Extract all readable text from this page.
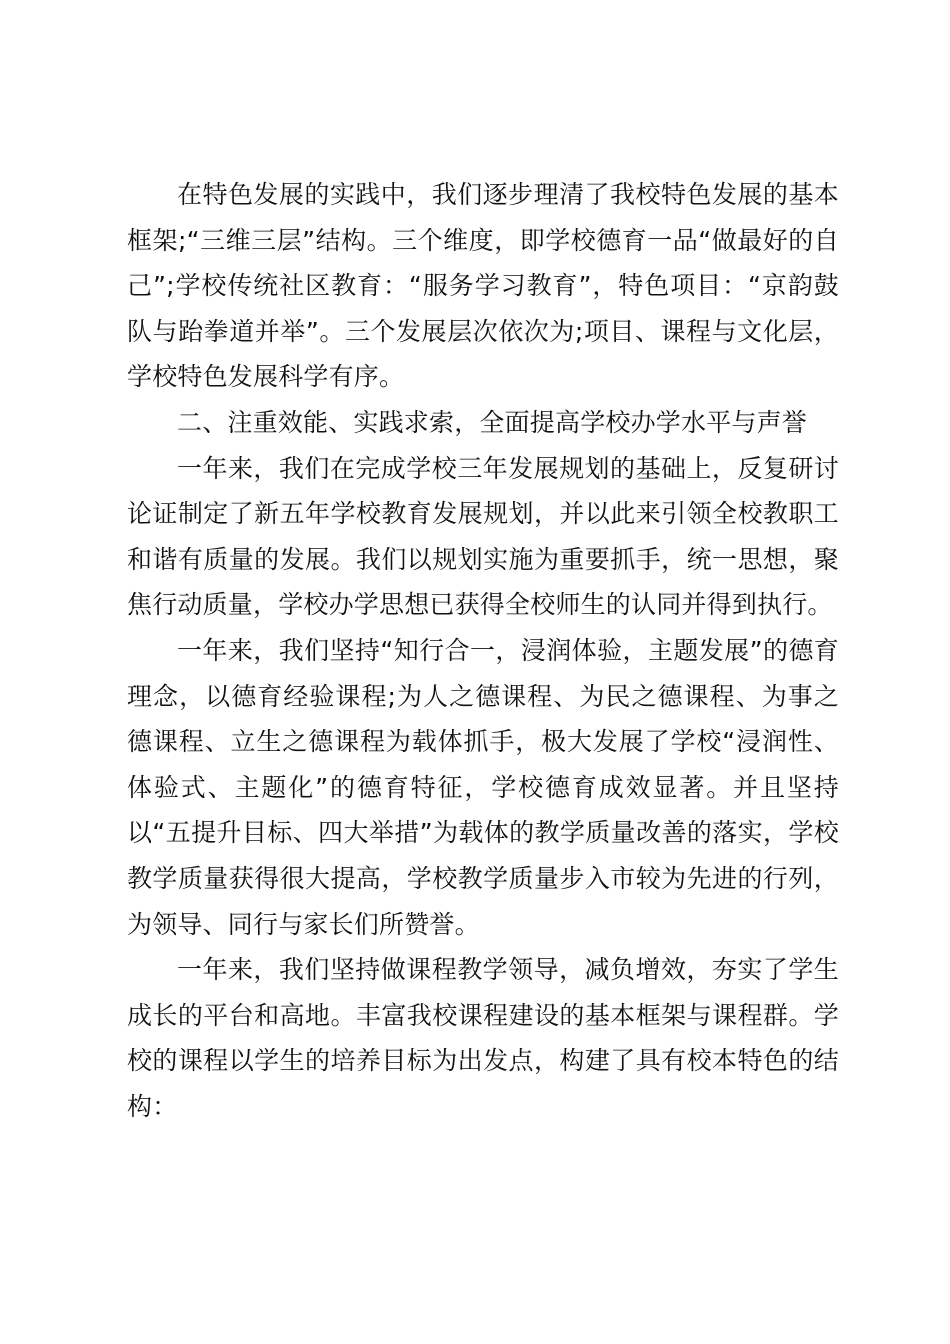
在特色发展的实践中，我们逐步理清了我校特色发展的基本框架;“三维三层”结构。三个维度，即学校德育一品“做最好的自己”;学校传统社区教育：“服务学习教育”，特色项目：“京韵鼓队与跆拳道并举”。三个发展层次依次为;项目、课程与文化层，学校特色发展科学有序。

二、注重效能、实践求索，全面提高学校办学水平与声誉

一年来，我们在完成学校三年发展规划的基础上，反复研讨论证制定了新五年学校教育发展规划，并以此来引领全校教职工和谐有质量的发展。我们以规划实施为重要抓手，统一思想，聚焦行动质量，学校办学思想已获得全校师生的认同并得到执行。

一年来，我们坚持“知行合一，浸润体验，主题发展”的德育理念，以德育经验课程;为人之德课程、为民之德课程、为事之德课程、立生之德课程为载体抓手，极大发展了学校“浸润性、体验式、主题化”的德育特征，学校德育成效显著。并且坚持以“五提升目标、四大举措”为载体的教学质量改善的落实，学校教学质量获得很大提高，学校教学质量步入市较为先进的行列，为领导、同行与家长们所赞誉。

一年来，我们坚持做课程教学领导，减负增效，夯实了学生成长的平台和高地。丰富我校课程建设的基本框架与课程群。学校的课程以学生的培养目标为出发点，构建了具有校本特色的结构：
